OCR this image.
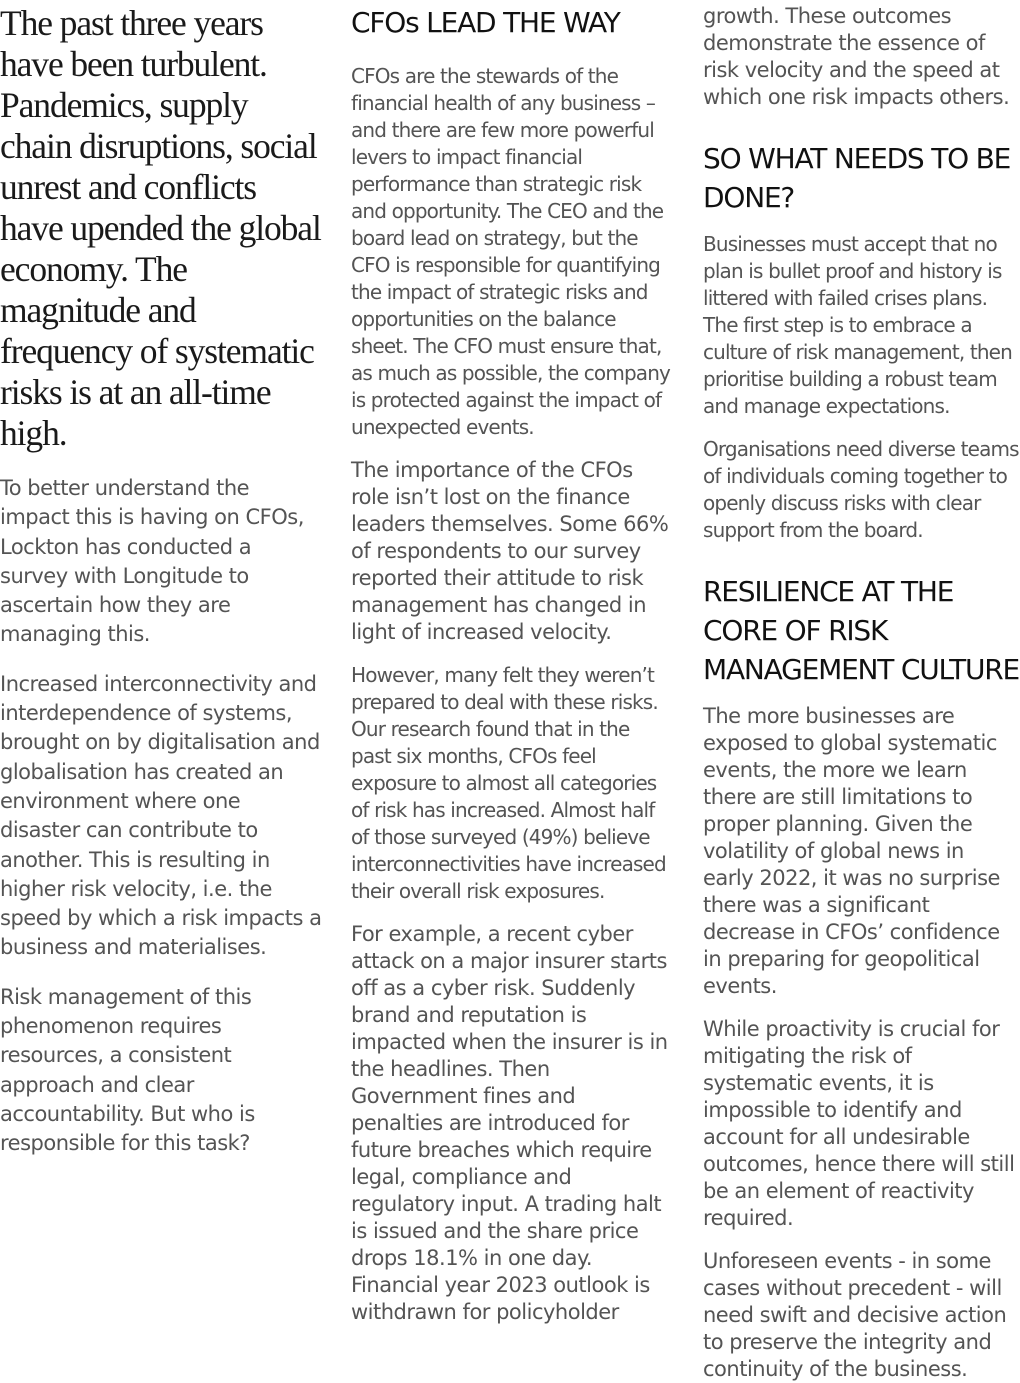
The past three years have been turbulent. Pandemics, supply chain disruptions, social unrest and conflicts have upended the global economy. The magnitude and frequency of systematic risks is at an all-time high.

To better understand the impact this is having on CFOs, Lockton has conducted a survey with Longitude to ascertain how they are managing this.

Increased interconnectivity and interdependence of systems, brought on by digitalisation and globalisation has created an environment where one disaster can contribute to another. This is resulting in higher risk velocity, i.e. the speed by which a risk impacts a business and materialises.

Risk management of this phenomenon requires resources, a consistent approach and clear accountability. But who is responsible for this task?

CFOs LEAD THE WAY

CFOs are the stewards of the financial health of any business – and there are few more powerful levers to impact financial performance than strategic risk and opportunity. The CEO and the board lead on strategy, but the CFO is responsible for quantifying the impact of strategic risks and opportunities on the balance sheet. The CFO must ensure that, as much as possible, the company is protected against the impact of unexpected events.

The importance of the CFOs role isn’t lost on the finance leaders themselves. Some 66% of respondents to our survey reported their attitude to risk management has changed in light of increased velocity.

However, many felt they weren’t prepared to deal with these risks. Our research found that in the past six months, CFOs feel exposure to almost all categories of risk has increased. Almost half of those surveyed (49%) believe interconnectivities have increased their overall risk exposures.

For example, a recent cyber attack on a major insurer starts off as a cyber risk. Suddenly brand and reputation is impacted when the insurer is in the headlines. Then Government fines and penalties are introduced for future breaches which require legal, compliance and regulatory input. A trading halt is issued and the share price drops 18.1% in one day. Financial year 2023 outlook is withdrawn for policyholder

growth. These outcomes demonstrate the essence of risk velocity and the speed at which one risk impacts others.

SO WHAT NEEDS TO BE DONE?

Businesses must accept that no plan is bullet proof and history is littered with failed crises plans. The first step is to embrace a culture of risk management, then prioritise building a robust team and manage expectations.

Organisations need diverse teams of individuals coming together to openly discuss risks with clear support from the board.

RESILIENCE AT THE CORE OF RISK MANAGEMENT CULTURE

The more businesses are exposed to global systematic events, the more we learn there are still limitations to proper planning. Given the volatility of global news in early 2022, it was no surprise there was a significant decrease in CFOs’ confidence in preparing for geopolitical events.

While proactivity is crucial for mitigating the risk of systematic events, it is impossible to identify and account for all undesirable outcomes, hence there will still be an element of reactivity required.

Unforeseen events - in some cases without precedent - will need swift and decisive action to preserve the integrity and continuity of the business.
